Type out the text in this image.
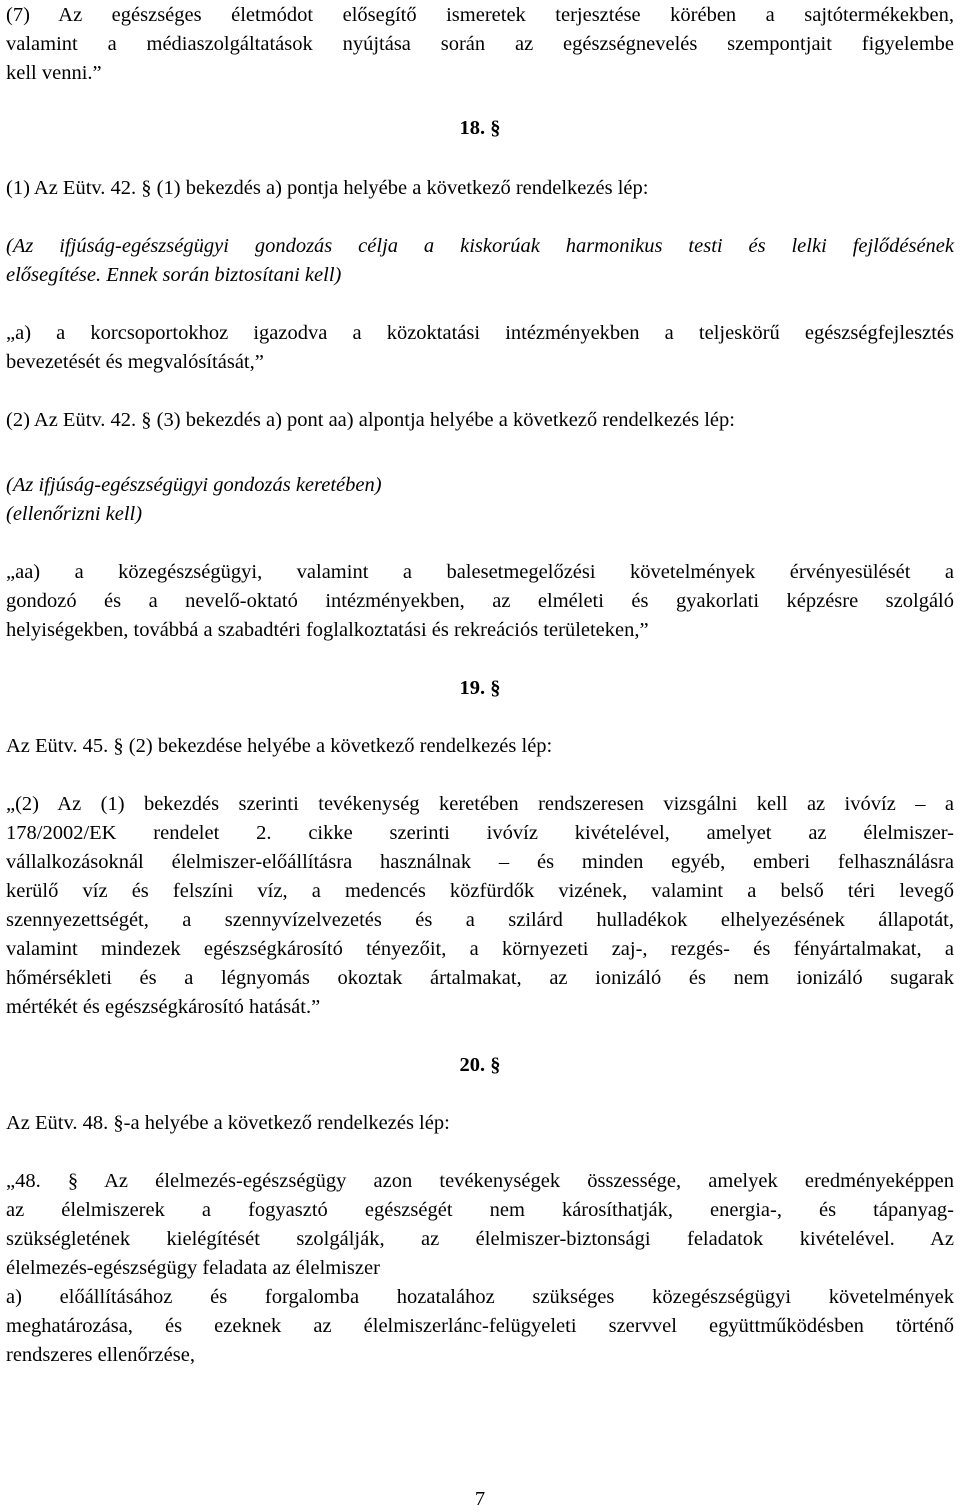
(7) Az egészséges életmódot elősegítő ismeretek terjesztése körében a sajtótermékekben,
valamint a médiaszolgáltatások nyújtása során az egészségnevelés szempontjait figyelembe
kell venni.”
18. §
(1) Az Eütv. 42. § (1) bekezdés a) pontja helyébe a következő rendelkezés lép:
(Az ifjúság-egészségügyi gondozás célja a kiskorúak harmonikus testi és lelki fejlődésének
elősegítése. Ennek során biztosítani kell)
„a) a korcsoportokhoz igazodva a közoktatási intézményekben a teljeskörű egészségfejlesztés
bevezetését és megvalósítását,”
(2) Az Eütv. 42. § (3) bekezdés a) pont aa) alpontja helyébe a következő rendelkezés lép:
(Az ifjúság-egészségügyi gondozás keretében)
(ellenőrizni kell)
„aa) a közegészségügyi, valamint a balesetmegelőzési követelmények érvényesülését a
gondozó és a nevelő-oktató intézményekben, az elméleti és gyakorlati képzésre szolgáló
helyiségekben, továbbá a szabadtéri foglalkoztatási és rekreációs területeken,”
19. §
Az Eütv. 45. § (2) bekezdése helyébe a következő rendelkezés lép:
„(2) Az (1) bekezdés szerinti tevékenység keretében rendszeresen vizsgálni kell az ivóvíz – a
178/2002/EK rendelet 2. cikke szerinti ivóvíz kivételével, amelyet az élelmiszer-
vállalkozásoknál élelmiszer-előállításra használnak – és minden egyéb, emberi felhasználásra
kerülő víz és felszíni víz, a medencés közfürdők vizének, valamint a belső téri levegő
szennyezettségét, a szennyvízelvezetés és a szilárd hulladékok elhelyezésének állapotát,
valamint mindezek egészségkárosító tényezőit, a környezeti zaj-, rezgés- és fényártalmakat, a
hőmérsékleti és a légnyomás okoztak ártalmakat, az ionizáló és nem ionizáló sugarak
mértékét és egészségkárosító hatását.”
20. §
Az Eütv. 48. §-a helyébe a következő rendelkezés lép:
„48. § Az élelmezés-egészségügy azon tevékenységek összessége, amelyek eredményeképpen
az élelmiszerek a fogyasztó egészségét nem károsíthatják, energia-, és tápanyag-
szükségletének kielégítését szolgálják, az élelmiszer-biztonsági feladatok kivételével. Az
élelmezés-egészségügy feladata az élelmiszer
a) előállításához és forgalomba hozatalához szükséges közegészségügyi követelmények
meghatározása, és ezeknek az élelmiszerlánc-felügyeleti szervvel együttműködésben történő
rendszeres ellenőrzése,
7
